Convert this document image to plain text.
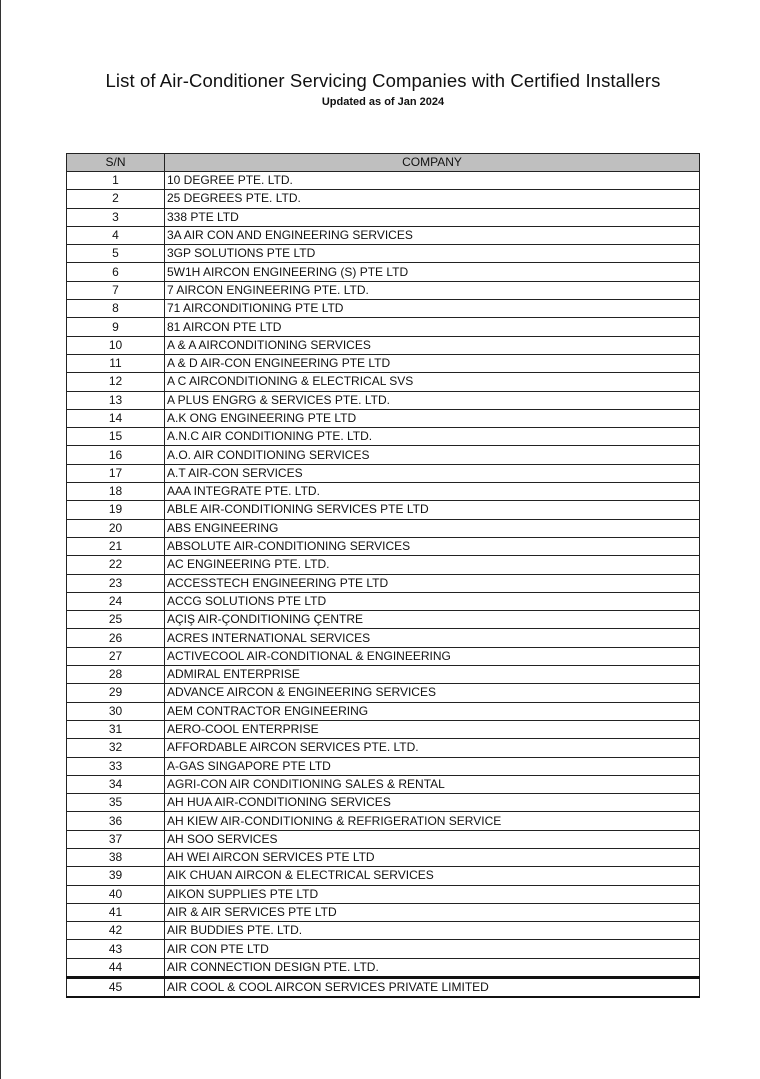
List of Air-Conditioner Servicing Companies with Certified Installers
Updated as of Jan 2024
S/N	COMPANY
1	10 DEGREE PTE. LTD.
2	25 DEGREES PTE. LTD.
3	338 PTE LTD
4	3A AIR CON AND ENGINEERING SERVICES
5	3GP SOLUTIONS PTE LTD
6	5W1H AIRCON ENGINEERING (S) PTE LTD
7	7 AIRCON ENGINEERING PTE. LTD.
8	71 AIRCONDITIONING PTE LTD
9	81 AIRCON PTE LTD
10	A & A AIRCONDITIONING SERVICES
11	A & D AIR-CON ENGINEERING PTE LTD
12	A C AIRCONDITIONING & ELECTRICAL SVS
13	A PLUS ENGRG & SERVICES PTE. LTD.
14	A.K ONG ENGINEERING PTE LTD
15	A.N.C AIR CONDITIONING PTE. LTD.
16	A.O. AIR CONDITIONING SERVICES
17	A.T AIR-CON SERVICES
18	AAA INTEGRATE PTE. LTD.
19	ABLE AIR-CONDITIONING SERVICES PTE LTD
20	ABS ENGINEERING
21	ABSOLUTE AIR-CONDITIONING SERVICES
22	AC ENGINEERING PTE. LTD.
23	ACCESSTECH ENGINEERING PTE LTD
24	ACCG SOLUTIONS PTE LTD
25	AÇIŞ AIR-ÇONDITIONING ÇENTRE
26	ACRES INTERNATIONAL SERVICES
27	ACTIVECOOL AIR-CONDITIONAL & ENGINEERING
28	ADMIRAL ENTERPRISE
29	ADVANCE AIRCON & ENGINEERING SERVICES
30	AEM CONTRACTOR ENGINEERING
31	AERO-COOL ENTERPRISE
32	AFFORDABLE AIRCON SERVICES PTE. LTD.
33	A-GAS SINGAPORE PTE LTD
34	AGRI-CON AIR CONDITIONING SALES & RENTAL
35	AH HUA AIR-CONDITIONING SERVICES
36	AH KIEW AIR-CONDITIONING & REFRIGERATION SERVICE
37	AH SOO SERVICES
38	AH WEI AIRCON SERVICES PTE LTD
39	AIK CHUAN AIRCON & ELECTRICAL SERVICES
40	AIKON SUPPLIES PTE LTD
41	AIR & AIR SERVICES PTE LTD
42	AIR BUDDIES PTE. LTD.
43	AIR CON PTE LTD
44	AIR CONNECTION DESIGN PTE. LTD.
45	AIR COOL & COOL AIRCON SERVICES PRIVATE LIMITED
